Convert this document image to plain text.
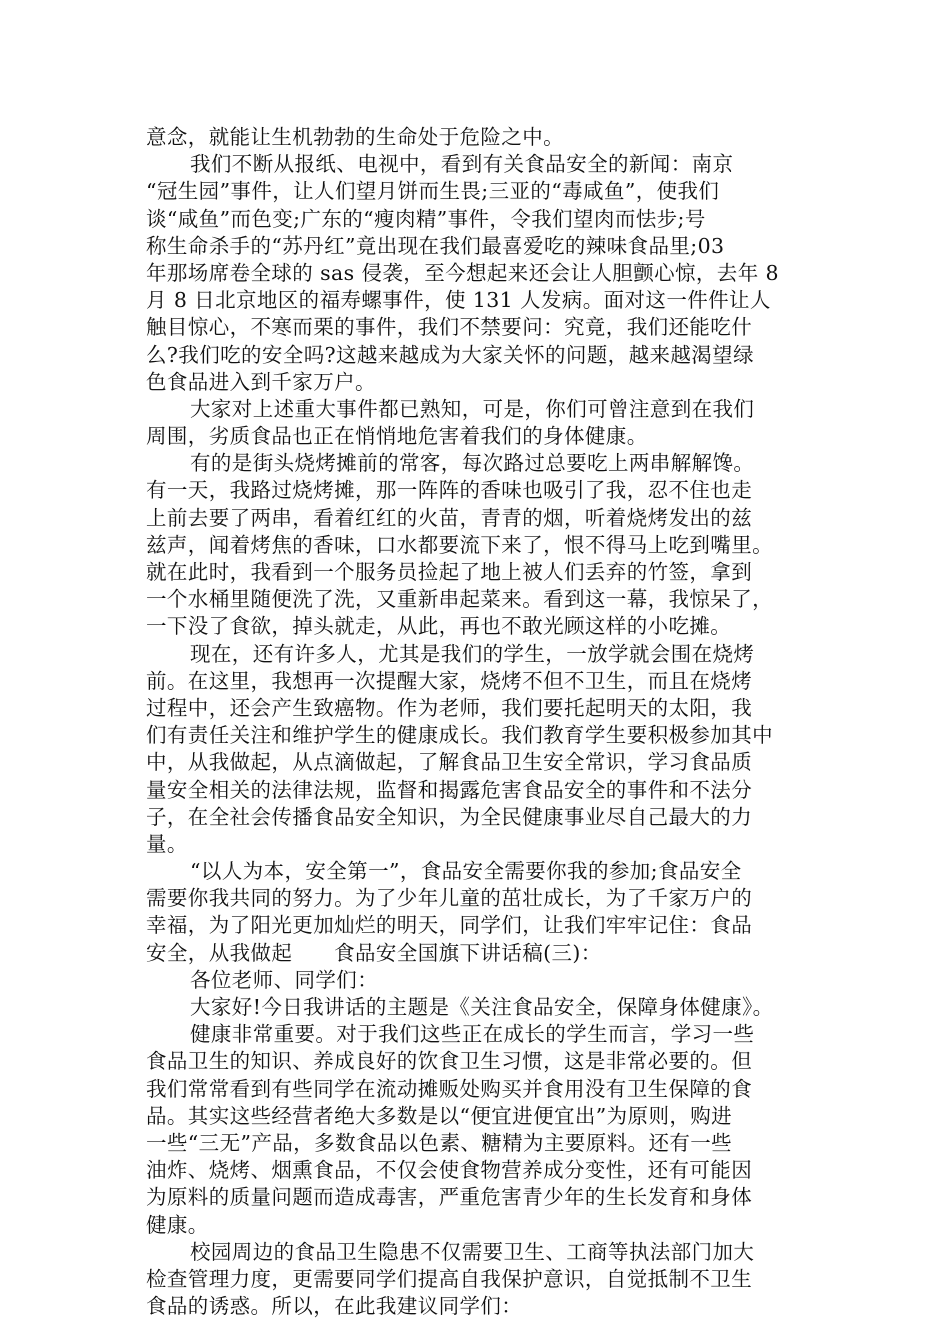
意念，就能让生机勃勃的生命处于危险之中。
我们不断从报纸、电视中，看到有关食品安全的新闻：南京
“冠生园”事件，让人们望月饼而生畏;三亚的“毒咸鱼”，使我们
谈“咸鱼”而色变;广东的“瘦肉精”事件，令我们望肉而怯步;号
称生命杀手的“苏丹红”竟出现在我们最喜爱吃的辣味食品里;03
年那场席卷全球的 sas 侵袭，至今想起来还会让人胆颤心惊，去年 8
月 8 日北京地区的福寿螺事件，使 131 人发病。面对这一件件让人
触目惊心，不寒而栗的事件，我们不禁要问：究竟，我们还能吃什
么?我们吃的安全吗?这越来越成为大家关怀的问题，越来越渴望绿
色食品进入到千家万户。
大家对上述重大事件都已熟知，可是，你们可曾注意到在我们
周围，劣质食品也正在悄悄地危害着我们的身体健康。
有的是街头烧烤摊前的常客，每次路过总要吃上两串解解馋。
有一天，我路过烧烤摊，那一阵阵的香味也吸引了我，忍不住也走
上前去要了两串，看着红红的火苗，青青的烟，听着烧烤发出的兹
兹声，闻着烤焦的香味，口水都要流下来了，恨不得马上吃到嘴里。
就在此时，我看到一个服务员捡起了地上被人们丢弃的竹签，拿到
一个水桶里随便洗了洗，又重新串起菜来。看到这一幕，我惊呆了，
一下没了食欲，掉头就走，从此，再也不敢光顾这样的小吃摊。
现在，还有许多人，尤其是我们的学生，一放学就会围在烧烤
前。在这里，我想再一次提醒大家，烧烤不但不卫生，而且在烧烤
过程中，还会产生致癌物。作为老师，我们要托起明天的太阳，我
们有责任关注和维护学生的健康成长。我们教育学生要积极参加其中
中，从我做起，从点滴做起，了解食品卫生安全常识，学习食品质
量安全相关的法律法规，监督和揭露危害食品安全的事件和不法分
子，在全社会传播食品安全知识，为全民健康事业尽自己最大的力
量。
“以人为本，安全第一”，食品安全需要你我的参加;食品安全
需要你我共同的努力。为了少年儿童的茁壮成长，为了千家万户的
幸福，为了阳光更加灿烂的明天，同学们，让我们牢牢记住：食品
安全，从我做起　　食品安全国旗下讲话稿(三)：
各位老师、同学们：
大家好!今日我讲话的主题是《关注食品安全，保障身体健康》。
健康非常重要。对于我们这些正在成长的学生而言，学习一些
食品卫生的知识、养成良好的饮食卫生习惯，这是非常必要的。但
我们常常看到有些同学在流动摊贩处购买并食用没有卫生保障的食
品。其实这些经营者绝大多数是以“便宜进便宜出”为原则，购进
一些“三无”产品，多数食品以色素、糖精为主要原料。还有一些
油炸、烧烤、烟熏食品，不仅会使食物营养成分变性，还有可能因
为原料的质量问题而造成毒害，严重危害青少年的生长发育和身体
健康。
校园周边的食品卫生隐患不仅需要卫生、工商等执法部门加大
检查管理力度，更需要同学们提高自我保护意识，自觉抵制不卫生
食品的诱惑。所以，在此我建议同学们：
